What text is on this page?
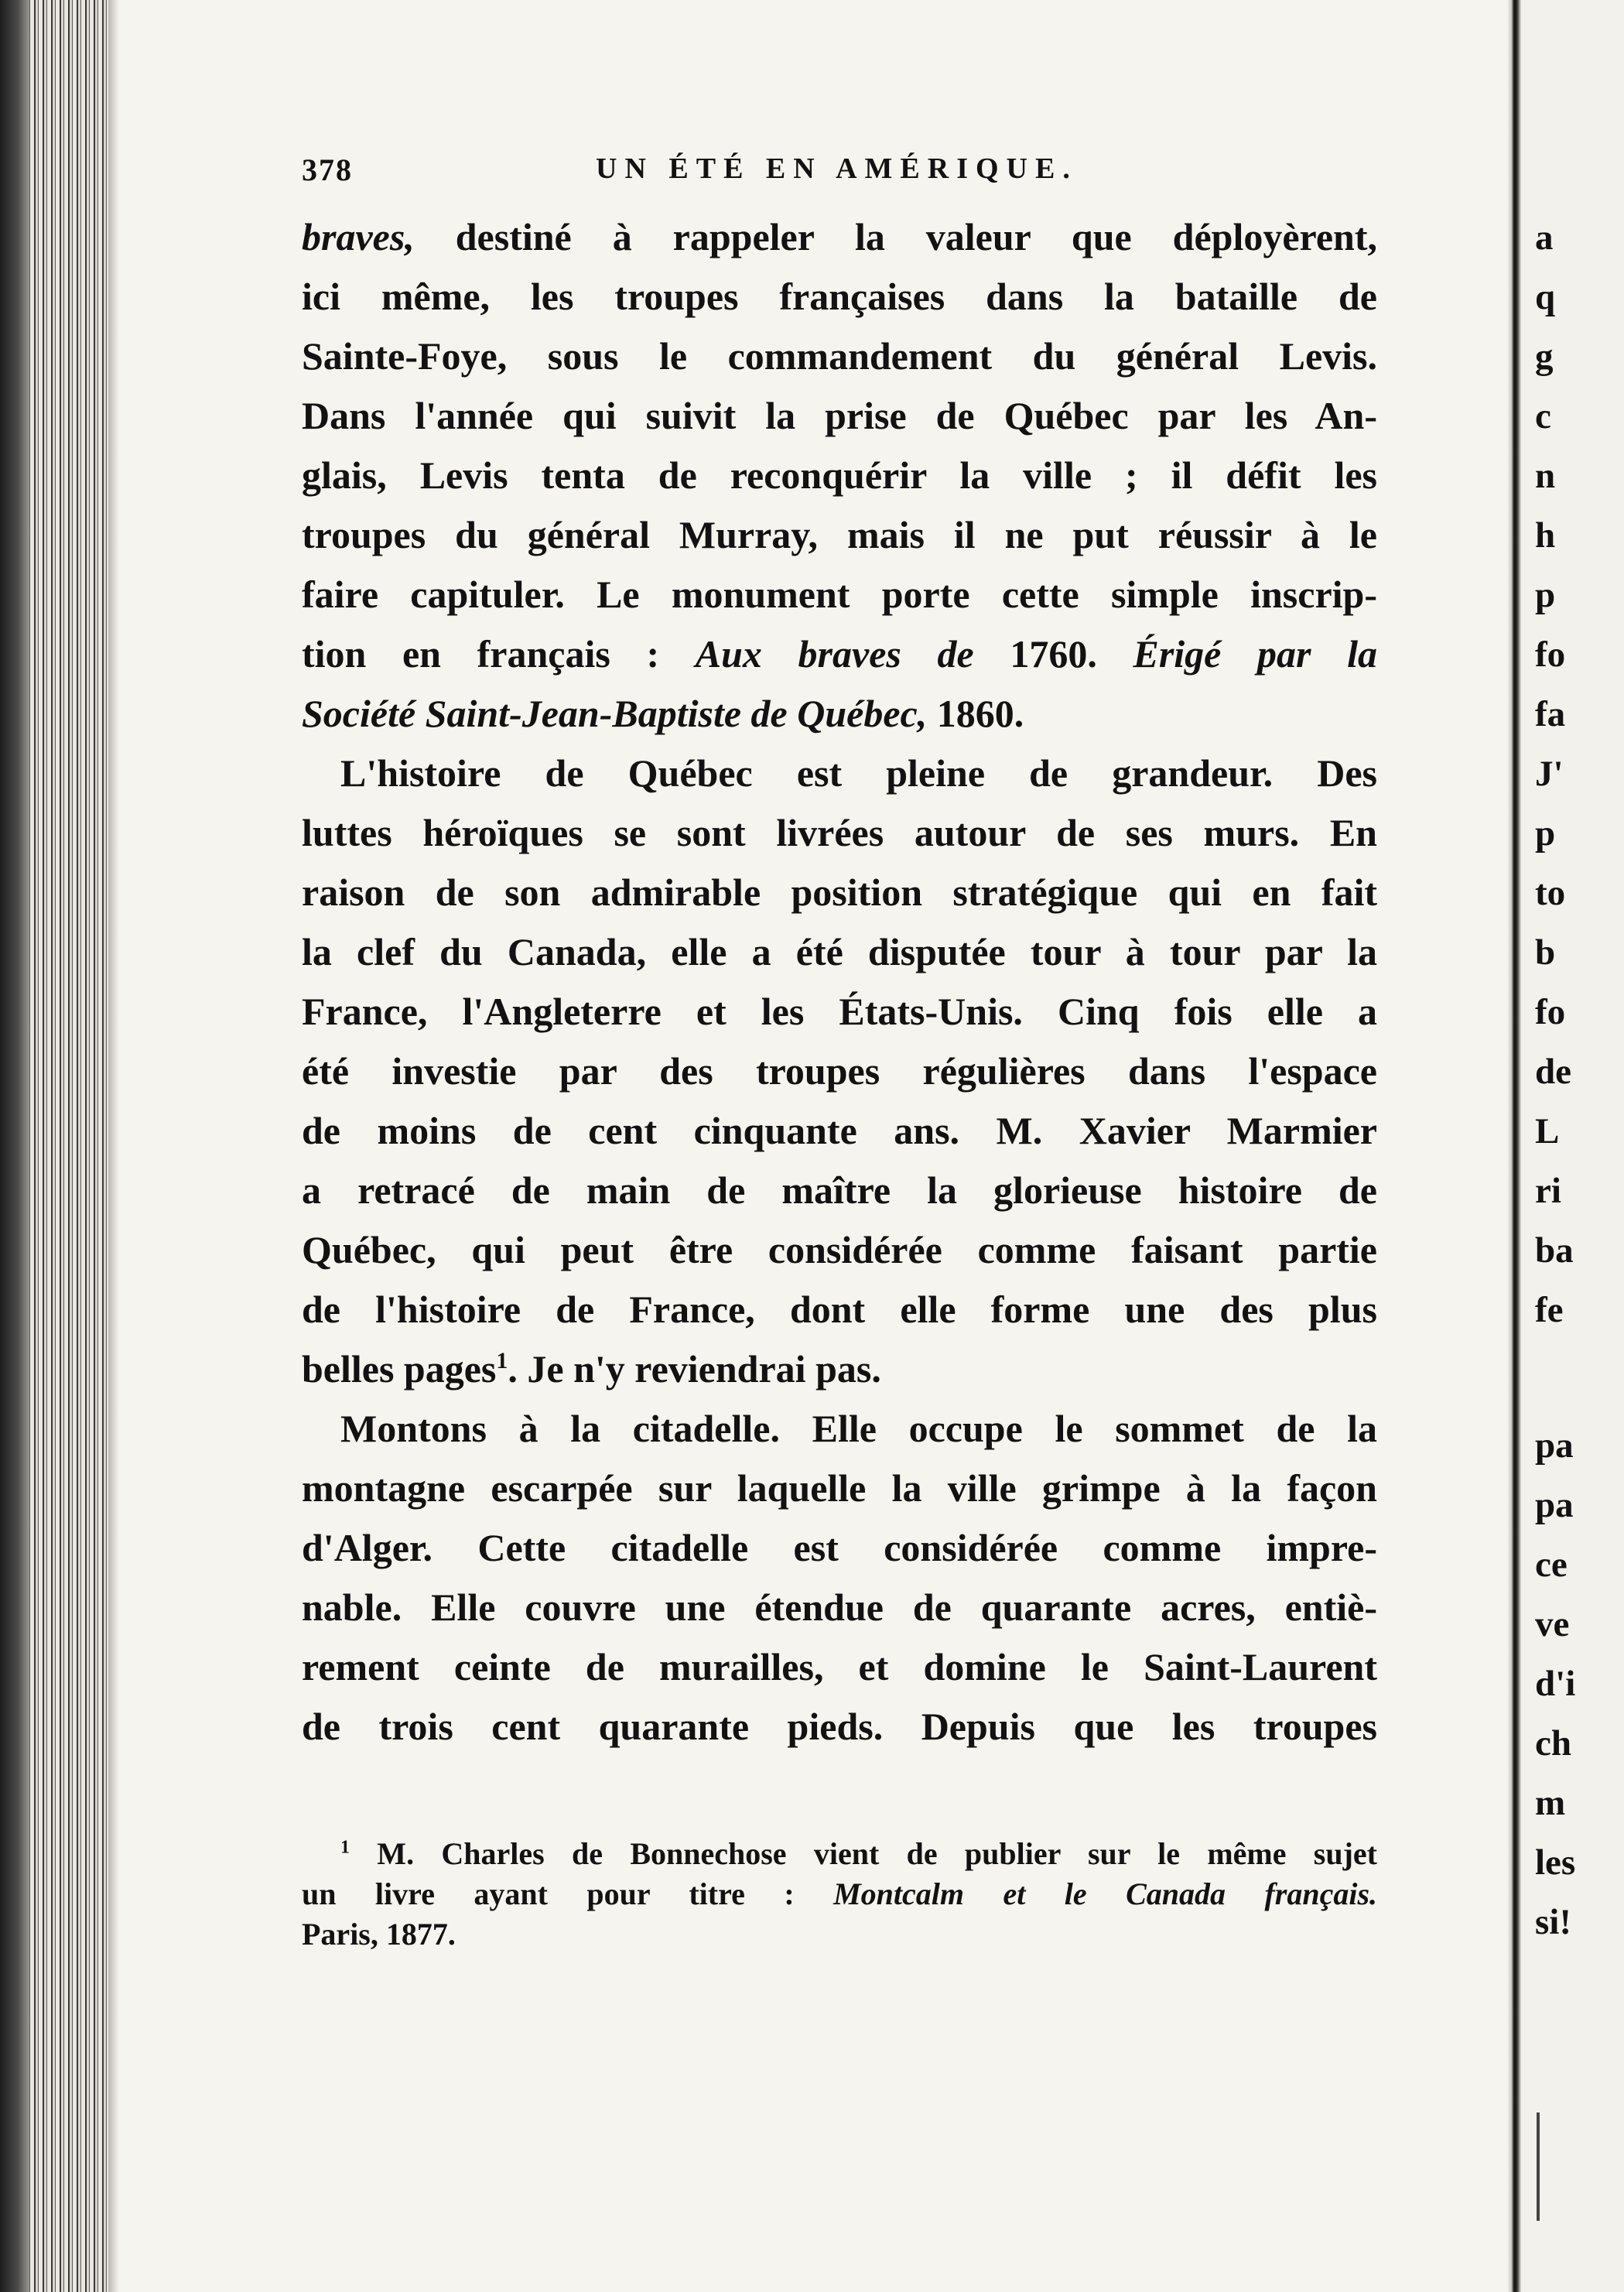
378	UN ÉTÉ EN AMÉRIQUE.
braves, destiné à rappeler la valeur que déployèrent,
ici même, les troupes françaises dans la bataille de
Sainte-Foye, sous le commandement du général Levis.
Dans l'année qui suivit la prise de Québec par les An-
glais, Levis tenta de reconquérir la ville ; il défit les
troupes du général Murray, mais il ne put réussir à le
faire capituler. Le monument porte cette simple inscrip-
tion en français : Aux braves de 1760. Érigé par la
Société Saint-Jean-Baptiste de Québec, 1860.
L'histoire de Québec est pleine de grandeur. Des
luttes héroïques se sont livrées autour de ses murs. En
raison de son admirable position stratégique qui en fait
la clef du Canada, elle a été disputée tour à tour par la
France, l'Angleterre et les États-Unis. Cinq fois elle a
été investie par des troupes régulières dans l'espace
de moins de cent cinquante ans. M. Xavier Marmier
a retracé de main de maître la glorieuse histoire de
Québec, qui peut être considérée comme faisant partie
de l'histoire de France, dont elle forme une des plus
belles pages$^1$. Je n'y reviendrai pas.
Montons à la citadelle. Elle occupe le sommet de la
montagne escarpée sur laquelle la ville grimpe à la façon
d'Alger. Cette citadelle est considérée comme impre-
nable. Elle couvre une étendue de quarante acres, entiè-
rement ceinte de murailles, et domine le Saint-Laurent
de trois cent quarante pieds. Depuis que les troupes
$^1$ M. Charles de Bonnechose vient de publier sur le même sujet
un livre ayant pour titre : Montcalm et le Canada français.
Paris, 1877.
a
q
g
c
n
h
p
fo
fa
J'
p
to
b
fo
de
L
ri
ba
fe
pa
pa
ce
ve
d'i
ch
m
les
si!
